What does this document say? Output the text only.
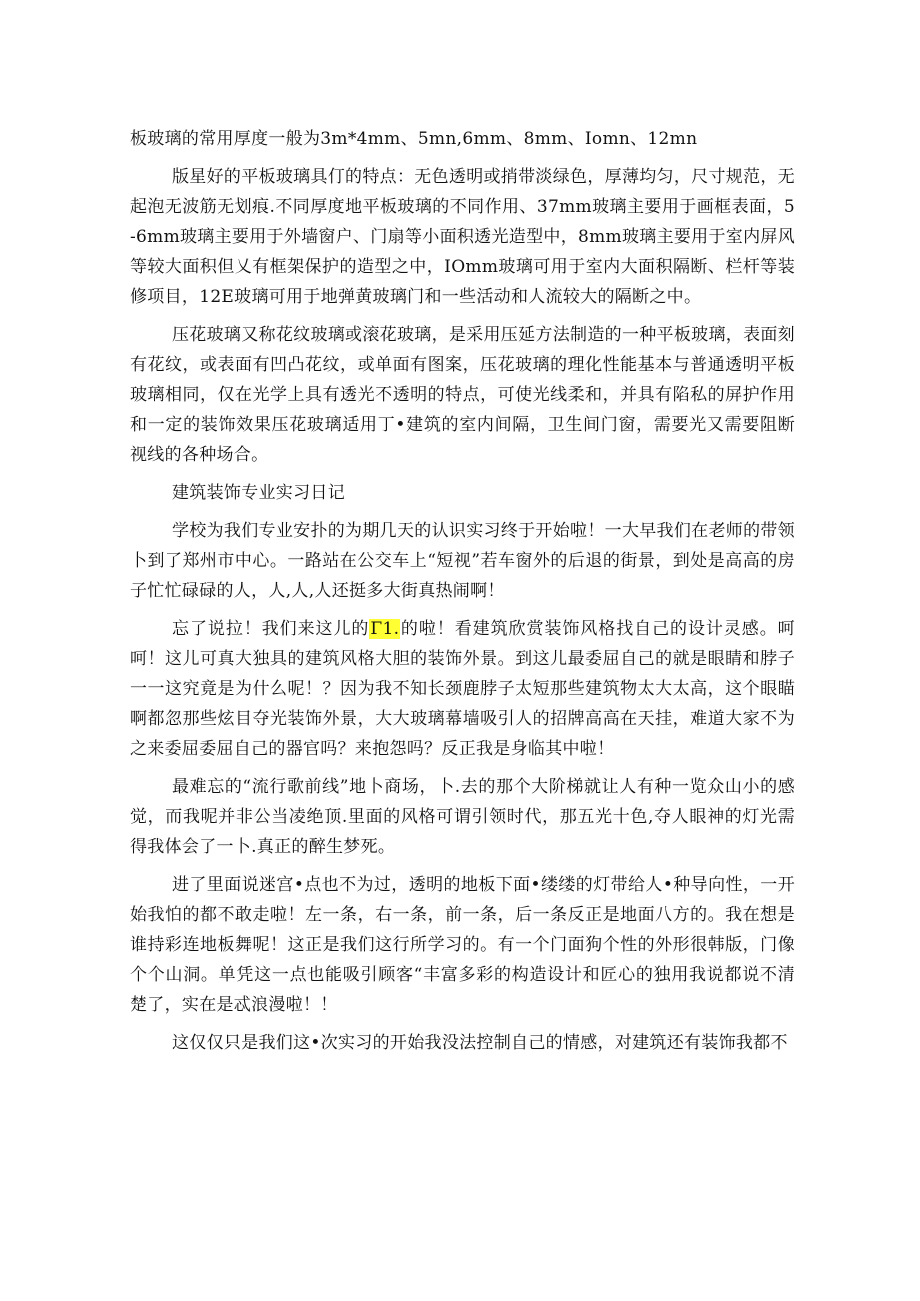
板玻璃的常用厚度一般为3m*4mm、5mn,6mm、8mm、Iomn、12mn

版星好的平板玻璃具仃的特点：无色透明或捎带淡绿色，厚薄均匀，尺寸规范，无起泡无波筋无划痕.不同厚度地平板玻璃的不同作用、37mm玻璃主要用于画框表面，5-6mm玻璃主要用于外墙窗户、门扇等小面积透光造型中，8mm玻璃主要用于室内屏风等较大面积但乂有框架保护的造型之中，IOmm玻璃可用于室内大面积隔断、栏杆等装修项目，12E玻璃可用于地弹黄玻璃门和一些活动和人流较大的隔断之中。

压花玻璃又称花纹玻璃或滚花玻璃，是采用压延方法制造的一种平板玻璃，表面刻有花纹，或表面有凹凸花纹，或单面有图案，压花玻璃的理化性能基本与普通透明平板玻璃相同，仅在光学上具有透光不透明的特点，可使光线柔和，并具有陷私的屏护作用和一定的装饰效果压花玻璃适用丁•建筑的室内间隔，卫生间门窗，需要光又需要阻断视线的各种场合。

建筑装饰专业实习日记

学校为我们专业安扑的为期几天的认识实习终于开始啦！一大早我们在老师的带领卜到了郑州市中心。一路站在公交车上“短视”若车窗外的后退的街景，到处是高高的房子忙忙碌碌的人，人,人,人还挺多大街真热闹啊！

忘了说拉！我们来这儿的Γ1.的啦！看建筑欣赏装饰风格找自己的设计灵感。呵呵！这儿可真大独具的建筑风格大胆的装饰外景。到这儿最委屈自己的就是眼睛和脖子一一这究竟是为什么呢！？因为我不知长颈鹿脖子太短那些建筑物太大太高，这个眼瞄啊都忽那些炫目夺光装饰外景，大大玻璃幕墙吸引人的招牌高高在天挂，难道大家不为之来委屈委屈自己的器官吗？来抱怨吗？反正我是身临其中啦！

最难忘的“流行歌前线”地卜商场，卜.去的那个大阶梯就让人有种一览众山小的感觉，而我呢并非公当凌绝顶.里面的风格可谓引领时代，那五光十色,夺人眼神的灯光需得我体会了一卜.真正的醉生梦死。

进了里面说迷宫•点也不为过，透明的地板下面•缕缕的灯带给人•种导向性，一开始我怕的都不敢走啦！左一条，右一条，前一条，后一条反正是地面八方的。我在想是谁持彩连地板舞呢！这正是我们这行所学习的。有一个门面狗个性的外形很韩版，门像个个山洞。单凭这一点也能吸引顾客“丰富多彩的构造设计和匠心的独用我说都说不清楚了，实在是忒浪漫啦！！

这仅仅只是我们这•次实习的开始我没法控制自己的情感，对建筑还有装饰我都不
